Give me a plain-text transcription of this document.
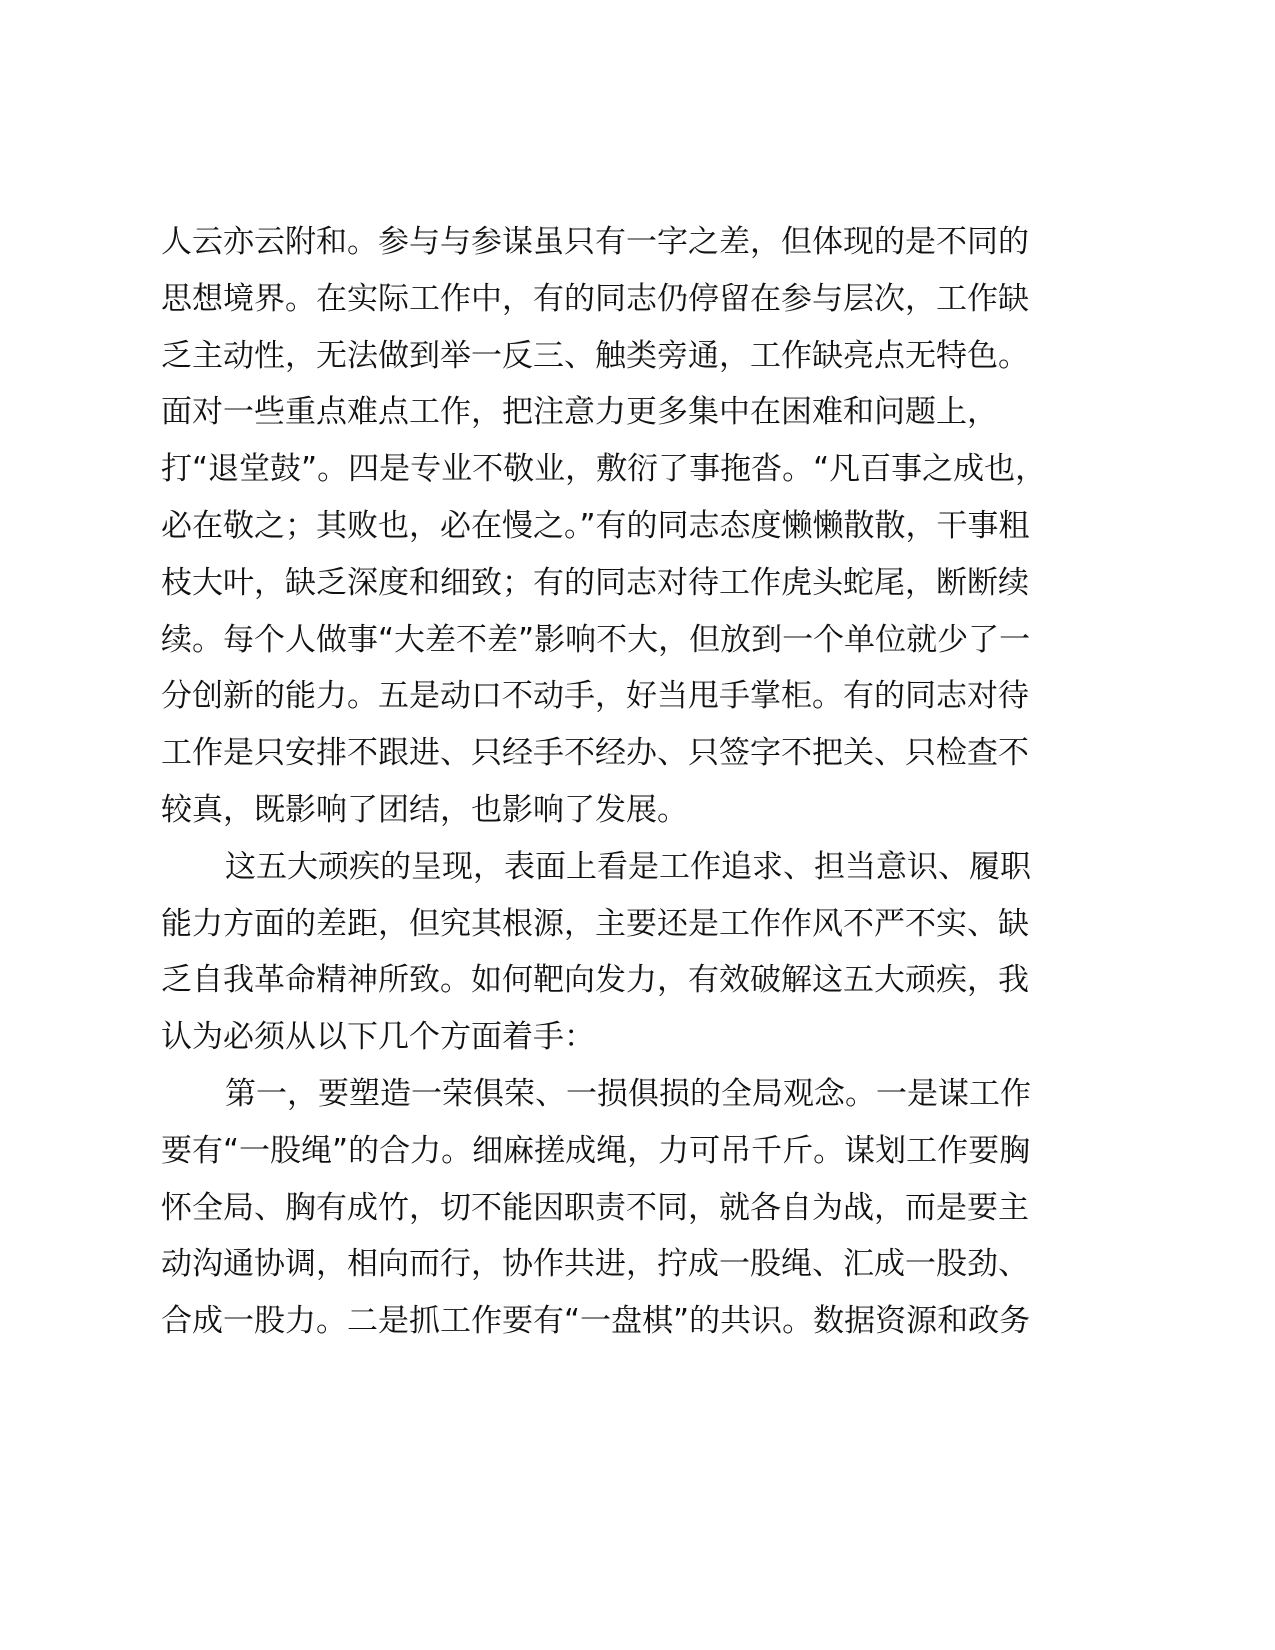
人云亦云附和。参与与参谋虽只有一字之差，但体现的是不同的
思想境界。在实际工作中，有的同志仍停留在参与层次，工作缺
乏主动性，无法做到举一反三、触类旁通，工作缺亮点无特色。
面对一些重点难点工作，把注意力更多集中在困难和问题上，
打“退堂鼓”。四是专业不敬业，敷衍了事拖沓。“凡百事之成也，
必在敬之；其败也，必在慢之。”有的同志态度懒懒散散，干事粗
枝大叶，缺乏深度和细致；有的同志对待工作虎头蛇尾，断断续
续。每个人做事“大差不差”影响不大，但放到一个单位就少了一
分创新的能力。五是动口不动手，好当甩手掌柜。有的同志对待
工作是只安排不跟进、只经手不经办、只签字不把关、只检查不
较真，既影响了团结，也影响了发展。
这五大顽疾的呈现，表面上看是工作追求、担当意识、履职
能力方面的差距，但究其根源，主要还是工作作风不严不实、缺
乏自我革命精神所致。如何靶向发力，有效破解这五大顽疾，我
认为必须从以下几个方面着手：
第一，要塑造一荣俱荣、一损俱损的全局观念。一是谋工作
要有“一股绳”的合力。细麻搓成绳，力可吊千斤。谋划工作要胸
怀全局、胸有成竹，切不能因职责不同，就各自为战，而是要主
动沟通协调，相向而行，协作共进，拧成一股绳、汇成一股劲、
合成一股力。二是抓工作要有“一盘棋”的共识。数据资源和政务
